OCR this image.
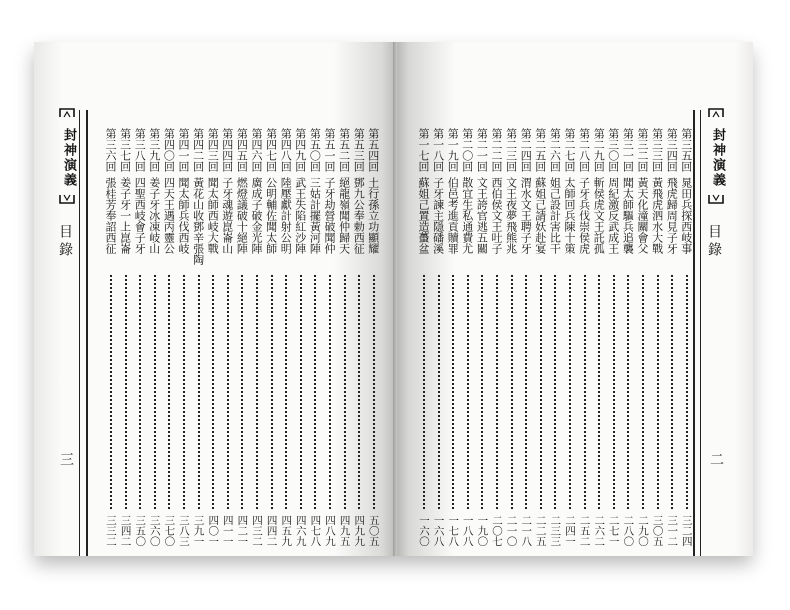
第三六回
張桂芳奉詔西征
三三二
第三七回
姜子牙一上崑崙
三四二
第三八回
四聖西岐會子牙
三五〇
第三九回
姜子牙冰凍岐山
三六〇
第四〇回
四天王遇丙靈公
三七〇
第四一回
聞太師兵伐西岐
三八三
第四二回
黃花山收鄧辛張陶
三九一
第四三回
聞太師西岐大戰
四〇一
第四四回
子牙魂遊崑崙山
四一一
第四五回
燃燈議破十絕陣
四二一
第四六回
廣成子破金光陣
四三二
第四七回
公明輔佐聞太師
四四二
第四八回
陸壓獻計射公明
四五九
第四九回
武王失陷紅沙陣
四六九
第五〇回
三姑計擺黃河陣
四七八
第五一回
子牙劫營破聞仲
四八九
第五二回
絕龍嶺聞仲歸天
四九五
第五三回
鄧九公奉勅西征
四九九
第五四回
土行孫立功顯耀
五〇五
封神演義
目錄
三
第一七回
蘇姐己置造蠆盆
一六〇
第一八回
子牙諫主隱磻溪
一六八
第一九回
伯邑考進貢贖罪
一七八
第二〇回
散宜生私通費尤
一八八
第二一回
文王誇官逃五關
一九〇
第二二回
西伯侯文王吐子
二〇七
第二三回
文王夜夢飛熊兆
二一〇
第二四回
渭水文王聘子牙
二一八
第二五回
蘇姐己請妖赴宴
二二五
第二六回
姐己設計害比干
二三三
第二七回
太師回兵陳十策
二四一
第二八回
子牙兵伐崇侯虎
二五二
第二九回
斬侯虎文王託孤
二六二
第三〇回
周紀激反武成王
二七一
第三一回
聞太師驅兵追襲
二八〇
第三二回
黃天化潼關會父
二九〇
第三三回
黃飛虎泗水大戰
三〇五
第三四回
飛虎歸周見子牙
三一二
第三五回
晁田兵探西岐事
三二四
封神演義
目錄
二
